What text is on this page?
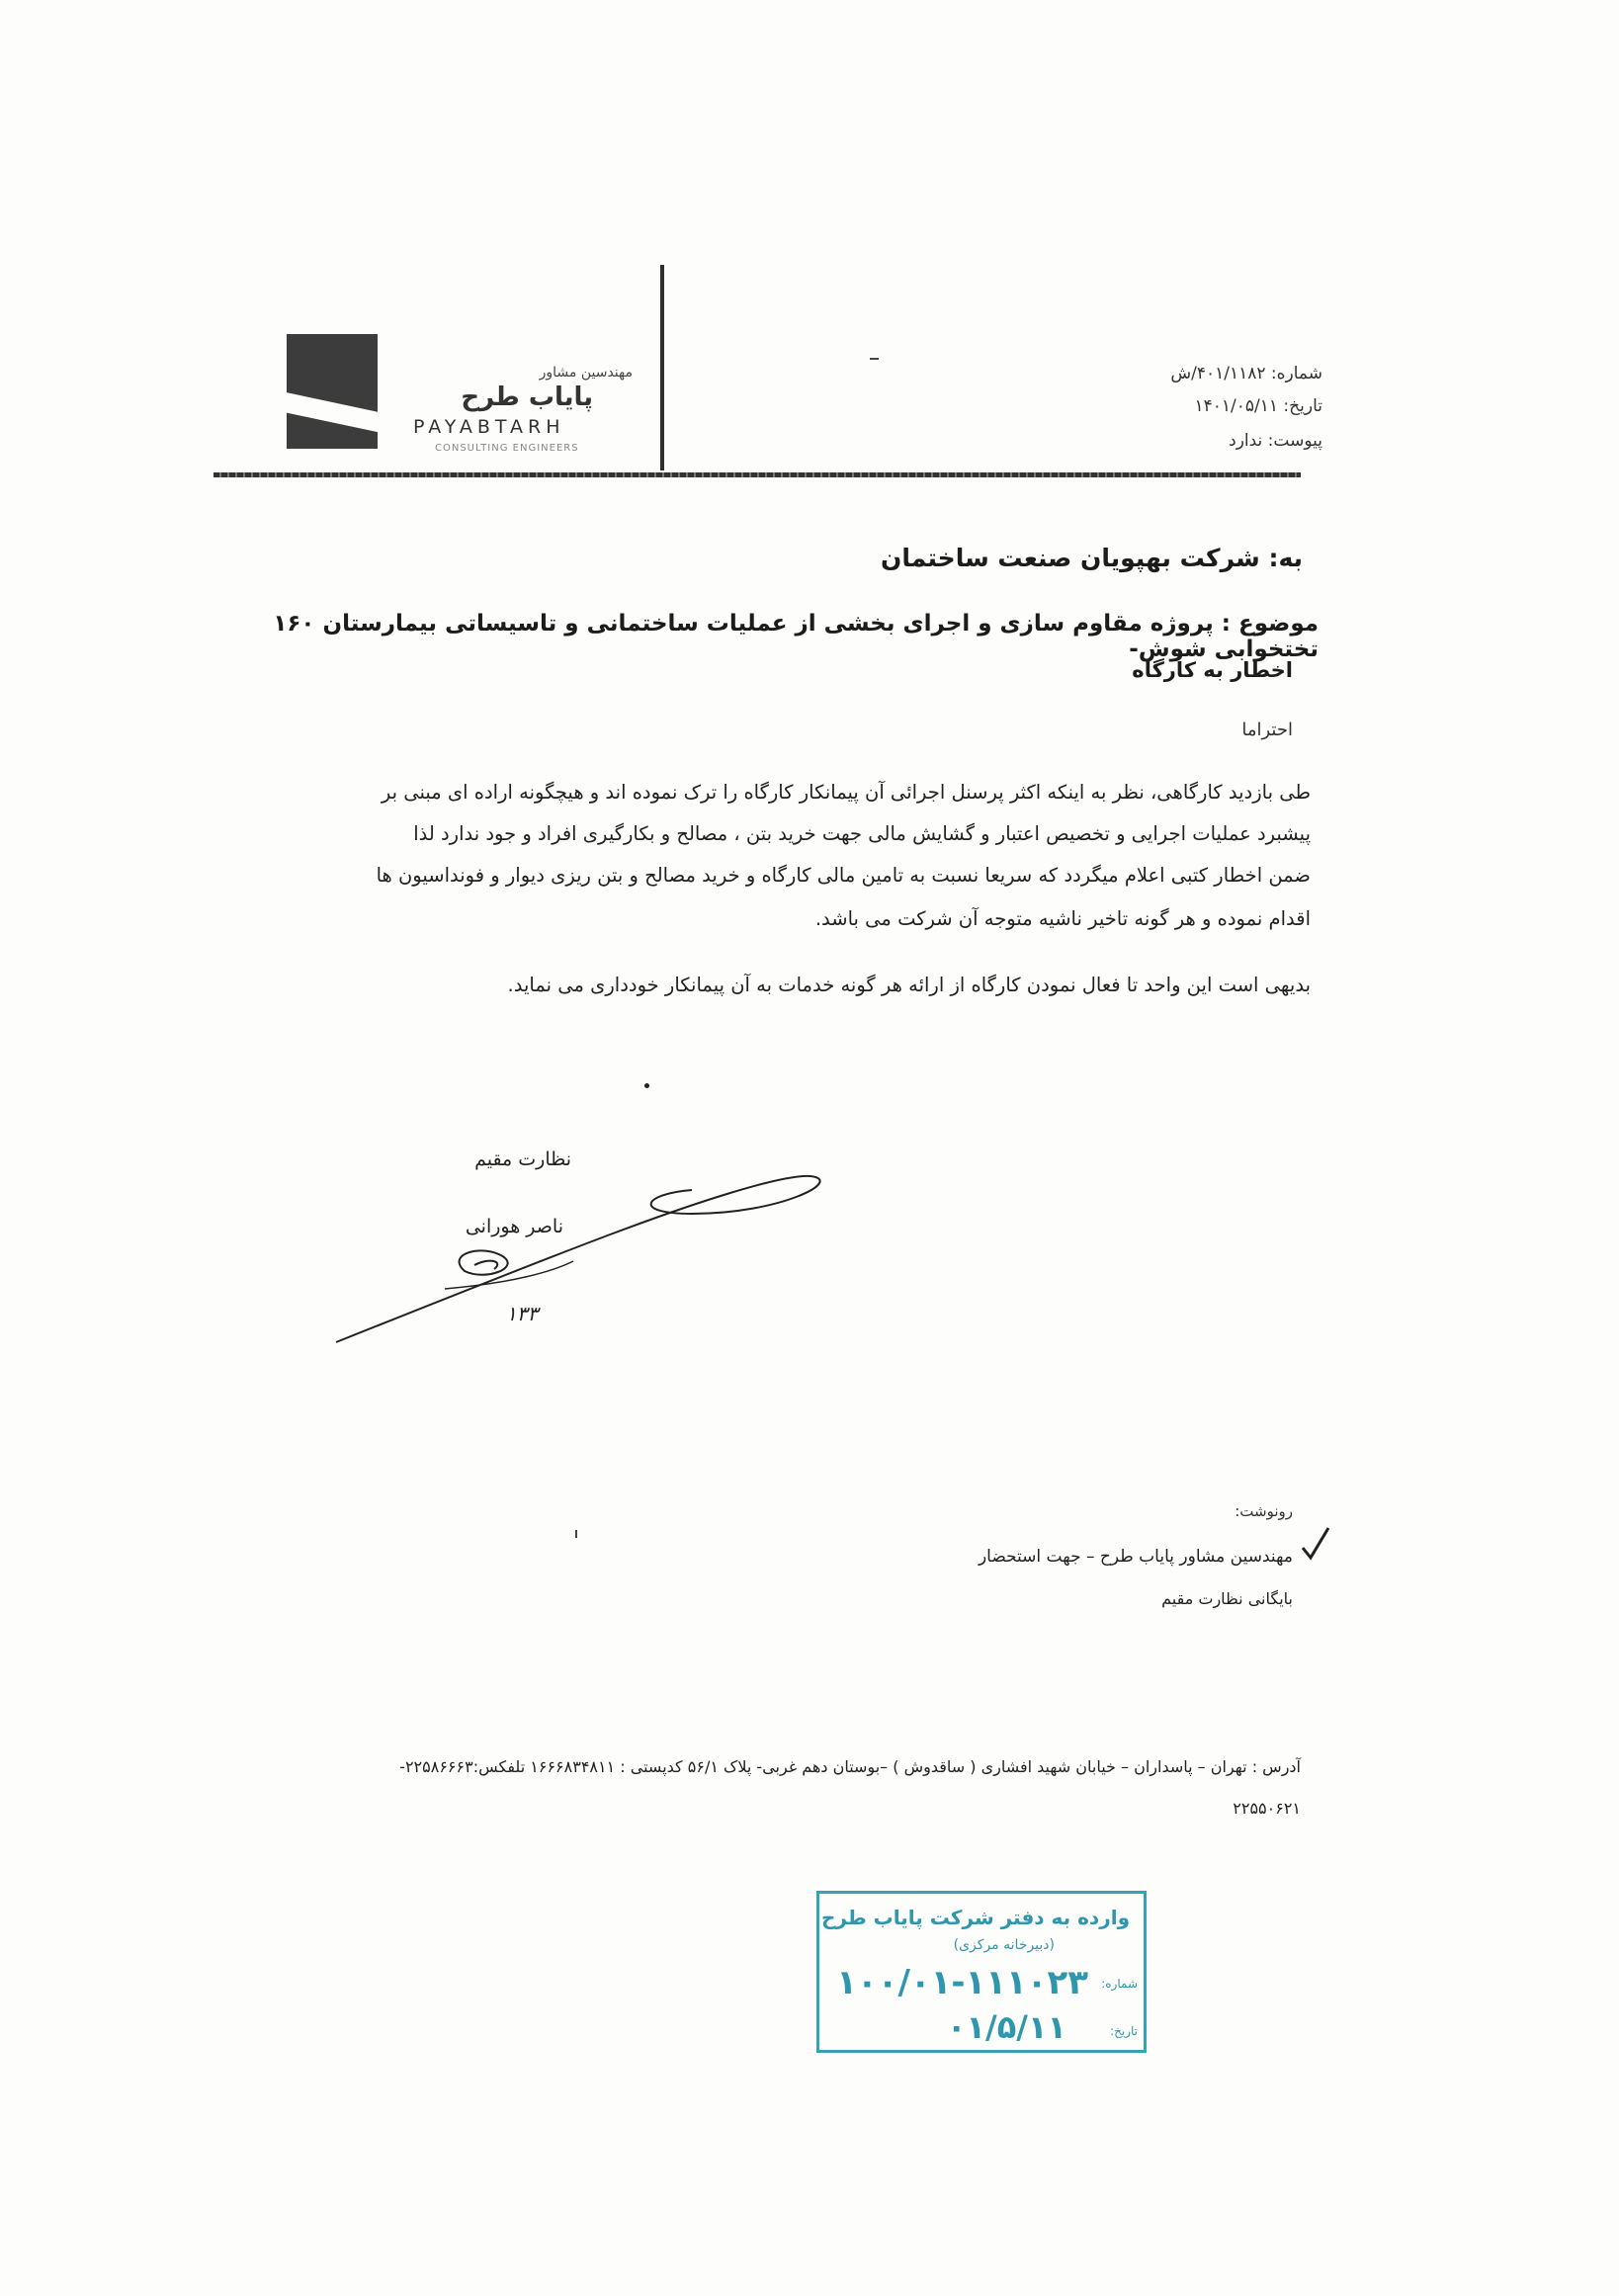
مهندسین مشاور
پایاب طرح
PAYABTARH
CONSULTING ENGINEERS
شماره: ۴۰۱/۱۱۸۲/ش
تاریخ: ۱۴۰۱/۰۵/۱۱
پیوست: ندارد
به: شرکت بهپویان صنعت ساختمان
موضوع : پروژه مقاوم سازی و اجرای بخشی از عملیات ساختمانی و تاسیساتی بیمارستان ۱۶۰ تختخوابی شوش-
اخطار به کارگاه
احتراما
طی بازدید کارگاهی، نظر به اینکه اکثر پرسنل اجرائی آن پیمانکار کارگاه را ترک نموده اند و هیچگونه اراده ای مبنی بر
پیشبرد عملیات اجرایی و تخصیص اعتبار و گشایش مالی جهت خرید بتن ، مصالح و بکارگیری افراد و جود ندارد لذا
ضمن اخطار کتبی اعلام میگردد که سریعا نسبت به تامین مالی کارگاه و خرید مصالح و بتن ریزی دیوار و فونداسیون ها
اقدام نموده و هر گونه تاخیر ناشیه متوجه آن شرکت می باشد.
بدیهی است این واحد تا فعال نمودن کارگاه از ارائه هر گونه خدمات به آن پیمانکار خودداری می نماید.
نظارت مقیم
ناصر هورانی
۱۳۳
رونوشت:
مهندسین مشاور پایاب طرح – جهت استحضار
بایگانی نظارت مقیم
آدرس : تهران – پاسداران – خیابان شهید افشاری ( ساقدوش ) –بوستان دهم غربی- پلاک ۵۶/۱ کدپستی : ۱۶۶۶۸۳۴۸۱۱ تلفکس:۲۲۵۸۶۶۶۳-
۲۲۵۵۰۶۲۱
وارده به دفتر شرکت پایاب طرح
(دبیرخانه مرکزی)
شماره:
۱۰۰/۰۱-۱۱۱۰۲۳
تاریخ:
۰۱/۵/۱۱
